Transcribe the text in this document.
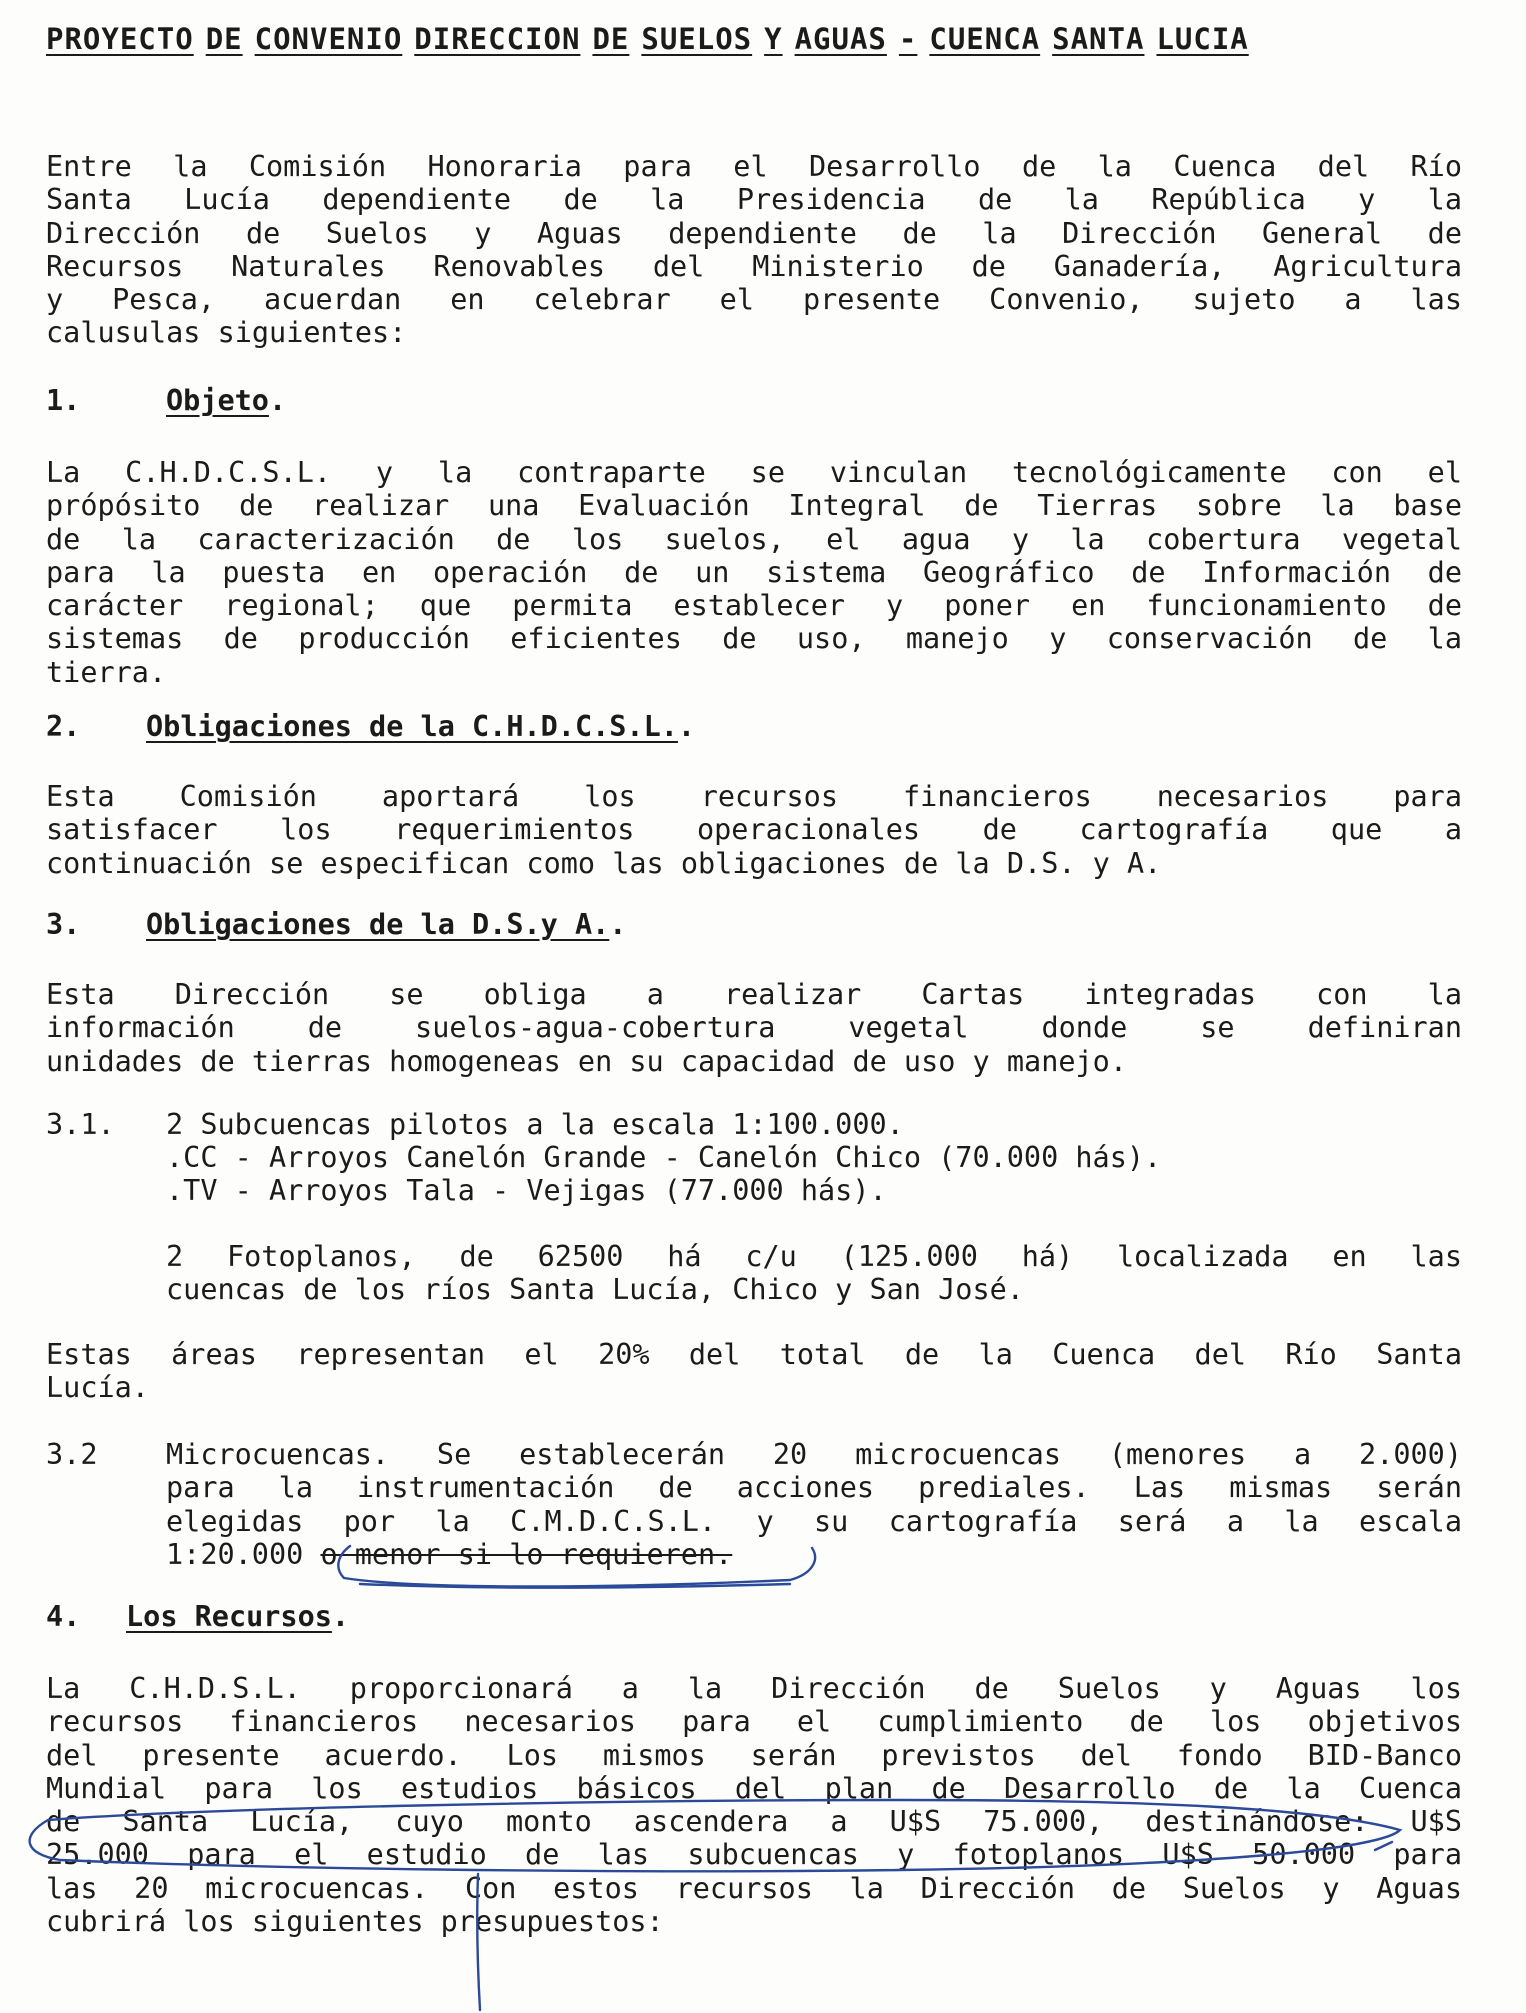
PROYECTO DE CONVENIO DIRECCION DE SUELOS Y AGUAS - CUENCA SANTA LUCIA
Entre la Comisión Honoraria para el Desarrollo de la Cuenca del Río
Santa Lucía dependiente de la Presidencia de la República y la
Dirección de Suelos y Aguas dependiente de la Dirección General de
Recursos Naturales Renovables del Ministerio de Ganadería, Agricultura
y Pesca, acuerdan en celebrar el presente Convenio, sujeto a las
calusulas siguientes:
1.	Objeto.
La C.H.D.C.S.L. y la contraparte se vinculan tecnológicamente con el
própósito de realizar una Evaluación Integral de Tierras sobre la base
de la caracterización de los suelos, el agua y la cobertura vegetal
para la puesta en operación de un sistema Geográfico de Información de
carácter regional; que permita establecer y poner en funcionamiento de
sistemas de producción eficientes de uso, manejo y conservación de la
tierra.
2. Obligaciones de la C.H.D.C.S.L..
Esta Comisión aportará los recursos financieros necesarios para
satisfacer los requerimientos operacionales de cartografía que a
continuación se especifican como las obligaciones de la D.S. y A.
3. Obligaciones de la D.S.y A..
Esta Dirección se obliga a realizar Cartas integradas con la
información de suelos-agua-cobertura vegetal donde se definiran
unidades de tierras homogeneas en su capacidad de uso y manejo.
3.1. 2 Subcuencas pilotos a la escala 1:100.000.
.CC - Arroyos Canelón Grande - Canelón Chico (70.000 hás).
.TV - Arroyos Tala - Vejigas (77.000 hás).
2 Fotoplanos, de 62500 há c/u (125.000 há) localizada en las
cuencas de los ríos Santa Lucía, Chico y San José.
Estas áreas representan el 20% del total de la Cuenca del Río Santa
Lucía.
3.2 Microcuencas. Se establecerán 20 microcuencas (menores a 2.000)
para la instrumentación de acciones prediales. Las mismas serán
elegidas por la C.M.D.C.S.L. y su cartografía será a la escala
1:20.000 o menor si lo requieren.
4. Los Recursos.
La C.H.D.S.L. proporcionará a la Dirección de Suelos y Aguas los
recursos financieros necesarios para el cumplimiento de los objetivos
del presente acuerdo. Los mismos serán previstos del fondo BID-Banco
Mundial para los estudios básicos del plan de Desarrollo de la Cuenca
de Santa Lucía, cuyo monto ascendera a U$S 75.000, destinándose: U$S
25.000 para el estudio de las subcuencas y fotoplanos U$S 50.000 para
las 20 microcuencas. Con estos recursos la Dirección de Suelos y Aguas
cubrirá los siguientes presupuestos:
